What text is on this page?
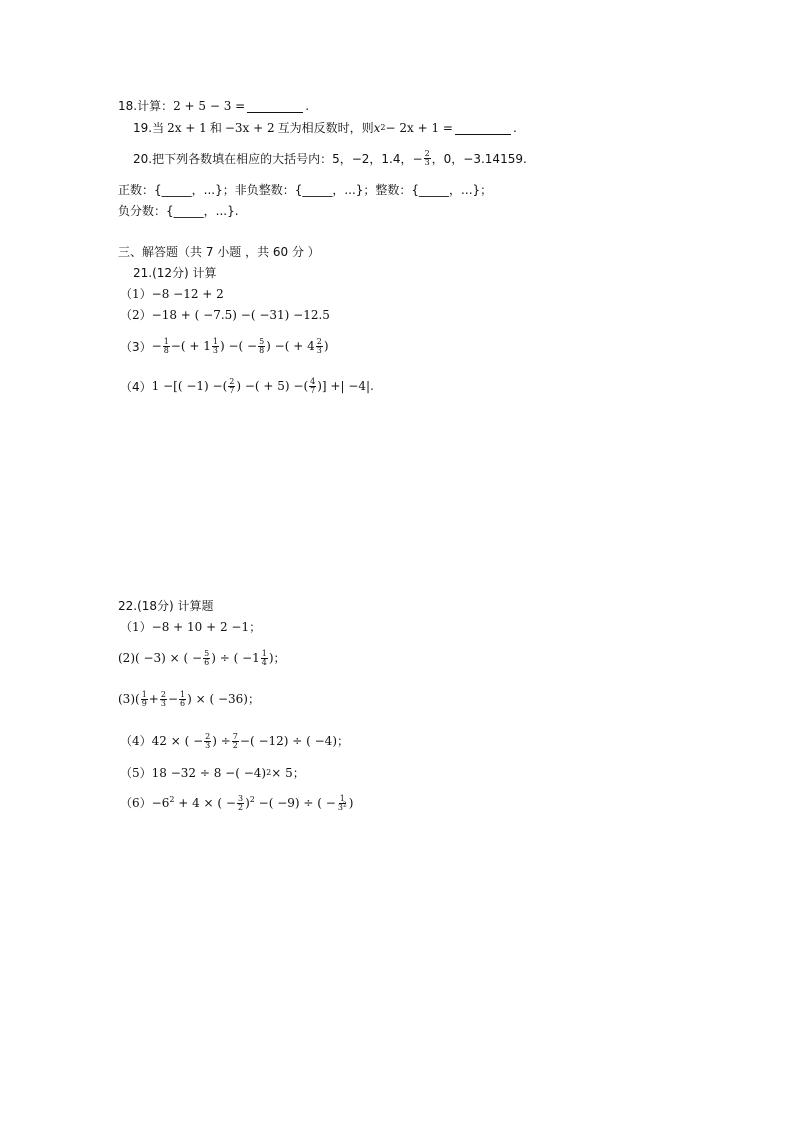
18.计算： 2 + 5 − 3 =	.
19.当 2x + 1 和 −3x + 2 互为相反数时，则 x 2 − 2x + 1 =	.
20.把下列各数填在相应的大括号内：5，−2，1.4， − $\frac{2}{3}$ ，0，−3.14159.
正数：{_____，...}；非负整数：{_____，...}；整数：{_____，...}；
负分数：{_____，...}.
三、解答题（共 7 小题 ，共 60 分 ）
21.(12分) 计算
（1）−8 −12 + 2
（2）−18 + ( −7.5) −( −31) −12.5
$(3) - \frac{1}{8}$ −( + $1 \frac{1}{3}$ ) −( − $\frac{5}{8}$ ) −( + $4 \frac{2}{3}$ )
（4） 1 −[( −1) −( $\frac{2}{7}$ ) −( + 5) −( $\frac{4}{7}$ )] +| −4|.
22.(18分) 计算题
（1）−8 + 10 + 2 −1；
(2)( −3) × ( − $\frac{5}{6}$ ) ÷ ( $-1 \frac{1}{4}$ )；
$(3)( \frac{1}{9} + \frac{2}{3} - \frac{1}{6}$ ) × ( −36)；
（4）42 × ( − $\frac{2}{3}$ ) ÷ $\frac{7}{2}$ −( −12) ÷ ( −4)；
（5）18 −32 ÷ 8 −( −4) 2 × 5；
$(6)-6^2 + 4$ × ( − $\frac{3}{2} )^2$ −( −9) ÷ ( − $\frac{1}{3^2}$ )
